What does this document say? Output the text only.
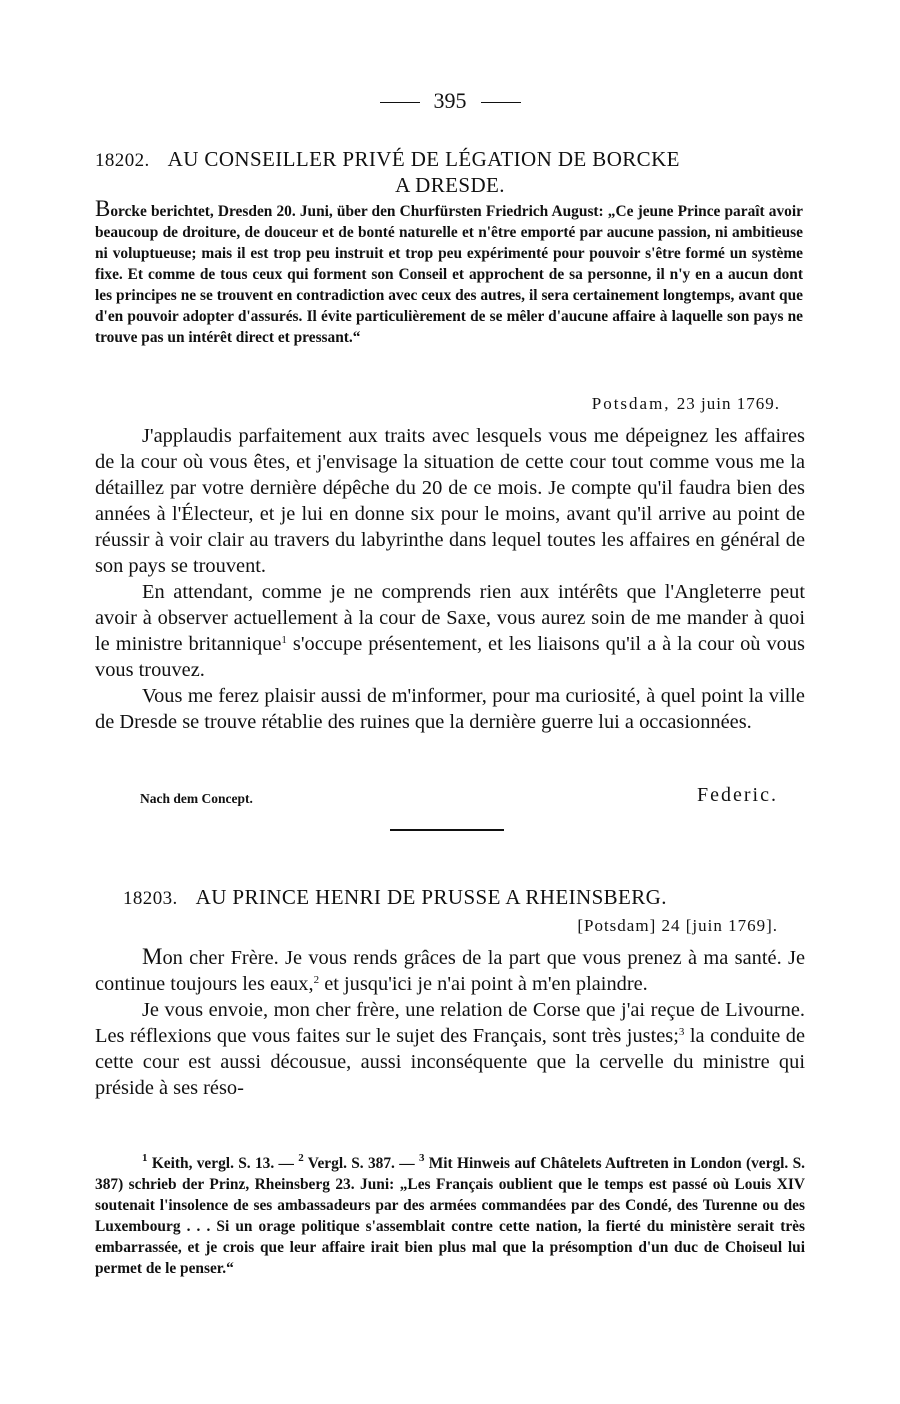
395
18202. AU CONSEILLER PRIVÉ DE LÉGATION DE BORCKE
A DRESDE.
Borcke berichtet, Dresden 20. Juni, über den Churfürsten Friedrich August: „Ce jeune Prince paraît avoir beaucoup de droiture, de douceur et de bonté naturelle et n'être emporté par aucune passion, ni ambitieuse ni voluptueuse; mais il est trop peu instruit et trop peu expérimenté pour pouvoir s'être formé un système fixe. Et comme de tous ceux qui forment son Conseil et approchent de sa personne, il n'y en a aucun dont les principes ne se trouvent en contradiction avec ceux des autres, il sera certainement longtemps, avant que d'en pouvoir adopter d'assurés. Il évite particulièrement de se mêler d'aucune affaire à laquelle son pays ne trouve pas un intérêt direct et pressant.“
Potsdam, 23 juin 1769.

J'applaudis parfaitement aux traits avec lesquels vous me dépeignez les affaires de la cour où vous êtes, et j'envisage la situation de cette cour tout comme vous me la détaillez par votre dernière dépêche du 20 de ce mois. Je compte qu'il faudra bien des années à l'Électeur, et je lui en donne six pour le moins, avant qu'il arrive au point de réussir à voir clair au travers du labyrinthe dans lequel toutes les affaires en général de son pays se trouvent.

En attendant, comme je ne comprends rien aux intérêts que l'Angleterre peut avoir à observer actuellement à la cour de Saxe, vous aurez soin de me mander à quoi le ministre britannique$^1$ s'occupe présentement, et les liaisons qu'il a à la cour où vous vous trouvez.

Vous me ferez plaisir aussi de m'informer, pour ma curiosité, à quel point la ville de Dresde se trouve rétablie des ruines que la dernière guerre lui a occasionnées.

Nach dem Concept.	Federic.
18203. AU PRINCE HENRI DE PRUSSE A RHEINSBERG.
[Potsdam] 24 [juin 1769].

Mon cher Frère. Je vous rends grâces de la part que vous prenez à ma santé. Je continue toujours les eaux,$^2$ et jusqu'ici je n'ai point à m'en plaindre.

Je vous envoie, mon cher frère, une relation de Corse que j'ai reçue de Livourne. Les réflexions que vous faites sur le sujet des Français, sont très justes;$^3$ la conduite de cette cour est aussi décousue, aussi inconséquente que la cervelle du ministre qui préside à ses réso-

$^1$ Keith, vergl. S. 13. — $^2$ Vergl. S. 387. — $^3$ Mit Hinweis auf Châtelets Auftreten in London (vergl. S. 387) schrieb der Prinz, Rheinsberg 23. Juni: „Les Français oublient que le temps est passé où Louis XIV soutenait l'insolence de ses ambassadeurs par des armées commandées par des Condé, des Turenne ou des Luxembourg . . . Si un orage politique s'assemblait contre cette nation, la fierté du ministère serait très embarrassée, et je crois que leur affaire irait bien plus mal que la présomption d'un duc de Choiseul lui permet de le penser.“
